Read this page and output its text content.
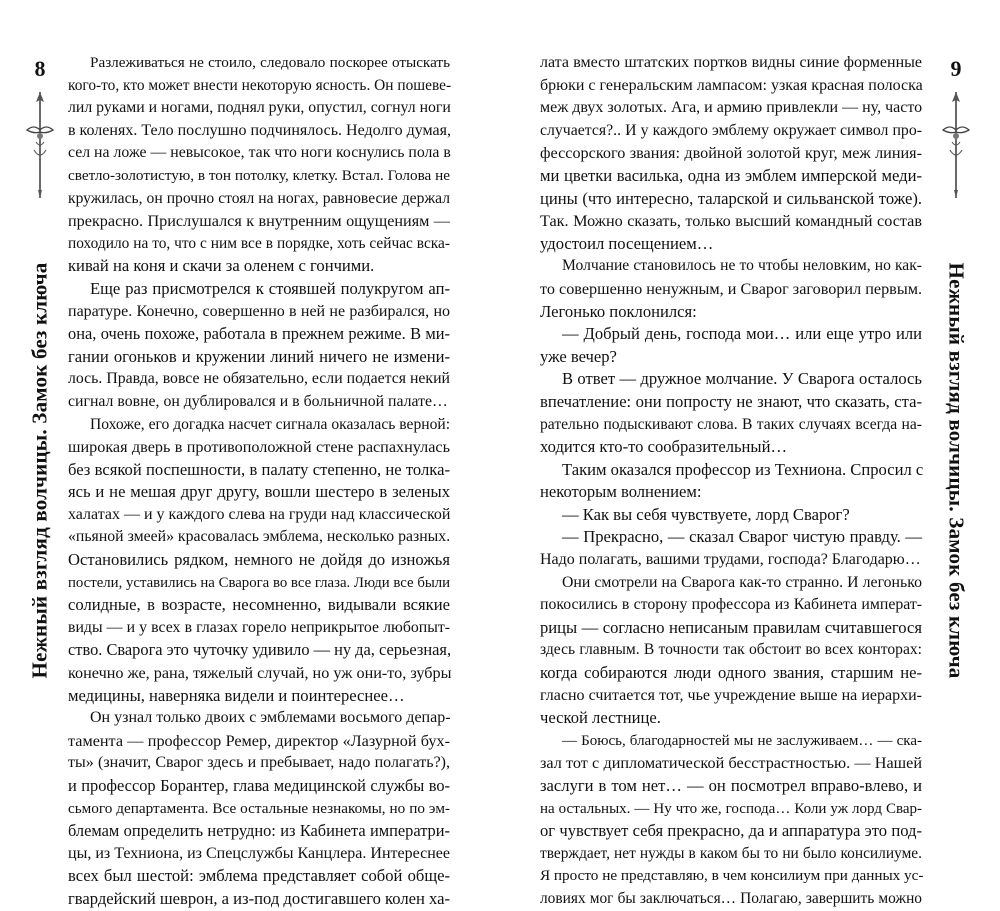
8
Нежный взгляд волчицы. Замок без ключа
Разлеживаться не стоило, следовало поскорее отыскать
кого-то, кто может внести некоторую ясность. Он пошеве-
лил руками и ногами, поднял руки, опустил, согнул ноги
в коленях. Тело послушно подчинялось. Недолго думая,
сел на ложе — невысокое, так что ноги коснулись пола в
светло-золотистую, в тон потолку, клетку. Встал. Голова не
кружилась, он прочно стоял на ногах, равновесие держал
прекрасно. Прислушался к внутренним ощущениям —
походило на то, что с ним все в порядке, хоть сейчас вска-
кивай на коня и скачи за оленем с гончими.
Еще раз присмотрелся к стоявшей полукругом ап-
паратуре. Конечно, совершенно в ней не разбирался, но
она, очень похоже, работала в прежнем режиме. В ми-
гании огоньков и кружении линий ничего не измени-
лось. Правда, вовсе не обязательно, если подается некий
сигнал вовне, он дублировался и в больничной палате…
Похоже, его догадка насчет сигнала оказалась верной:
широкая дверь в противоположной стене распахнулась
без всякой поспешности, в палату степенно, не толка-
ясь и не мешая друг другу, вошли шестеро в зеленых
халатах — и у каждого слева на груди над классической
«пьяной змеей» красовалась эмблема, несколько разных.
Остановились рядком, немного не дойдя до изножья
постели, уставились на Сварога во все глаза. Люди все были
солидные, в возрасте, несомненно, видывали всякие
виды — и у всех в глазах горело неприкрытое любопыт-
ство. Сварога это чуточку удивило — ну да, серьезная,
конечно же, рана, тяжелый случай, но уж они-то, зубры
медицины, наверняка видели и поинтереснее…
Он узнал только двоих с эмблемами восьмого депар-
тамента — профессор Ремер, директор «Лазурной бух-
ты» (значит, Сварог здесь и пребывает, надо полагать?),
и профессор Борантер, глава медицинской службы во-
сьмого департамента. Все остальные незнакомы, но по эм-
блемам определить нетрудно: из Кабинета императри-
цы, из Техниона, из Спецслужбы Канцлера. Интереснее
всех был шестой: эмблема представляет собой обще-
гвардейский шеврон, а из-под достигавшего колен ха-
лата вместо штатских портков видны синие форменные
брюки с генеральским лампасом: узкая красная полоска
меж двух золотых. Ага, и армию привлекли — ну, часто
случается?.. И у каждого эмблему окружает символ про-
фессорского звания: двойной золотой круг, меж линия-
ми цветки василька, одна из эмблем имперской меди-
цины (что интересно, таларской и сильванской тоже).
Так. Можно сказать, только высший командный состав
удостоил посещением…
Молчание становилось не то чтобы неловким, но как-
то совершенно ненужным, и Сварог заговорил первым.
Легонько поклонился:
— Добрый день, господа мои… или еще утро или
уже вечер?
В ответ — дружное молчание. У Сварога осталось
впечатление: они попросту не знают, что сказать, ста-
рательно подыскивают слова. В таких случаях всегда на-
ходится кто-то сообразительный…
Таким оказался профессор из Техниона. Спросил с
некоторым волнением:
— Как вы себя чувствуете, лорд Сварог?
— Прекрасно, — сказал Сварог чистую правду. —
Надо полагать, вашими трудами, господа? Благодарю…
Они смотрели на Сварога как-то странно. И легонько
покосились в сторону профессора из Кабинета императ-
рицы — согласно неписаным правилам считавшегося
здесь главным. В точности так обстоит во всех конторах:
когда собираются люди одного звания, старшим не-
гласно считается тот, чье учреждение выше на иерархи-
ческой лестнице.
— Боюсь, благодарностей мы не заслуживаем… — ска-
зал тот с дипломатической бесстрастностью. — Нашей
заслуги в том нет… — он посмотрел вправо-влево, и
на остальных. — Ну что же, господа… Коли уж лорд Свар-
ог чувствует себя прекрасно, да и аппаратура это под-
тверждает, нет нужды в каком бы то ни было консилиуме.
Я просто не представляю, в чем консилиум при данных ус-
ловиях мог бы заключаться… Полагаю, завершить можно
9
Нежный взгляд волчицы. Замок без ключа
